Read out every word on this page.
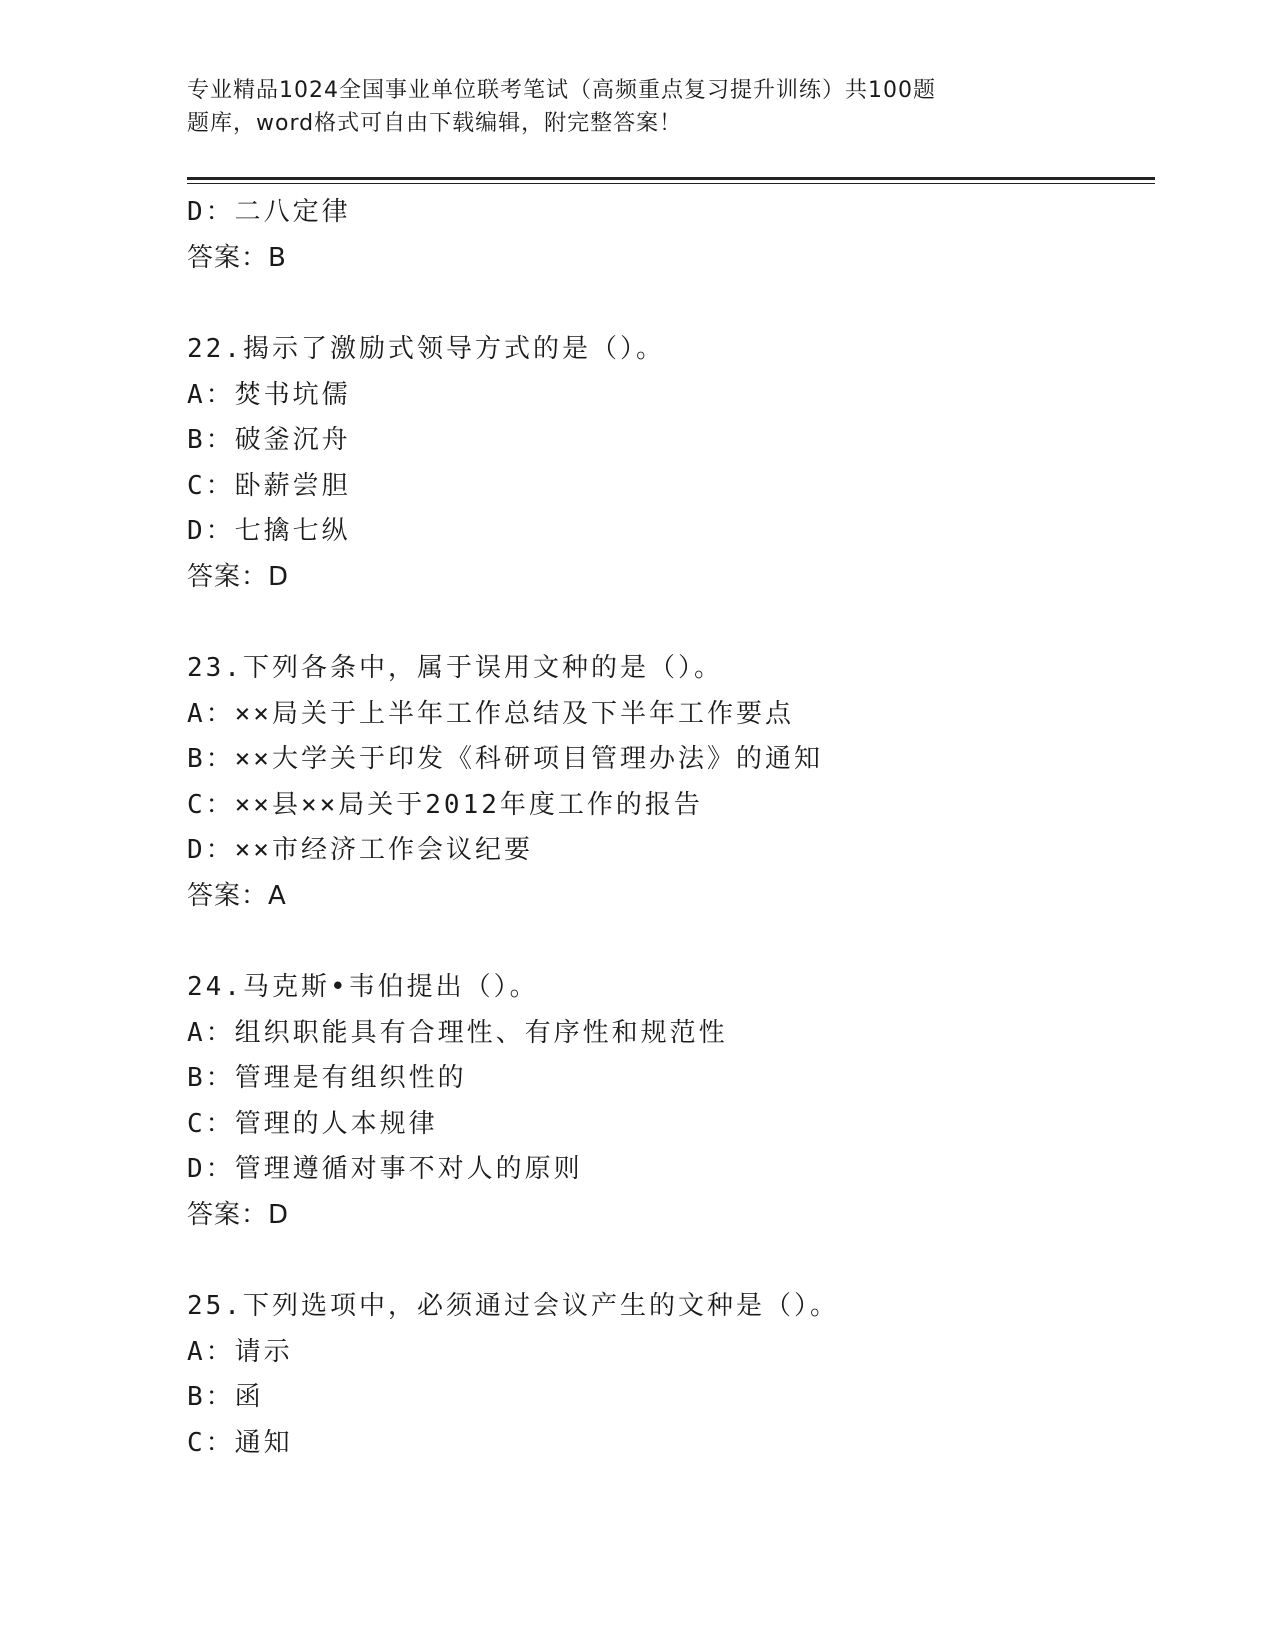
专业精品1024全国事业单位联考笔试（高频重点复习提升训练）共100题
题库，word格式可自由下载编辑，附完整答案！
D：二八定律
答案：B
22.揭示了激励式领导方式的是（）。
A：焚书坑儒
B：破釜沉舟
C：卧薪尝胆
D：七擒七纵
答案：D
23.下列各条中，属于误用文种的是（）。
A：××局关于上半年工作总结及下半年工作要点
B：××大学关于印发《科研项目管理办法》的通知
C：××县××局关于2012年度工作的报告
D：××市经济工作会议纪要
答案：A
24.马克斯•韦伯提出（）。
A：组织职能具有合理性、有序性和规范性
B：管理是有组织性的
C：管理的人本规律
D：管理遵循对事不对人的原则
答案：D
25.下列选项中，必须通过会议产生的文种是（）。
A：请示
B：函
C：通知
